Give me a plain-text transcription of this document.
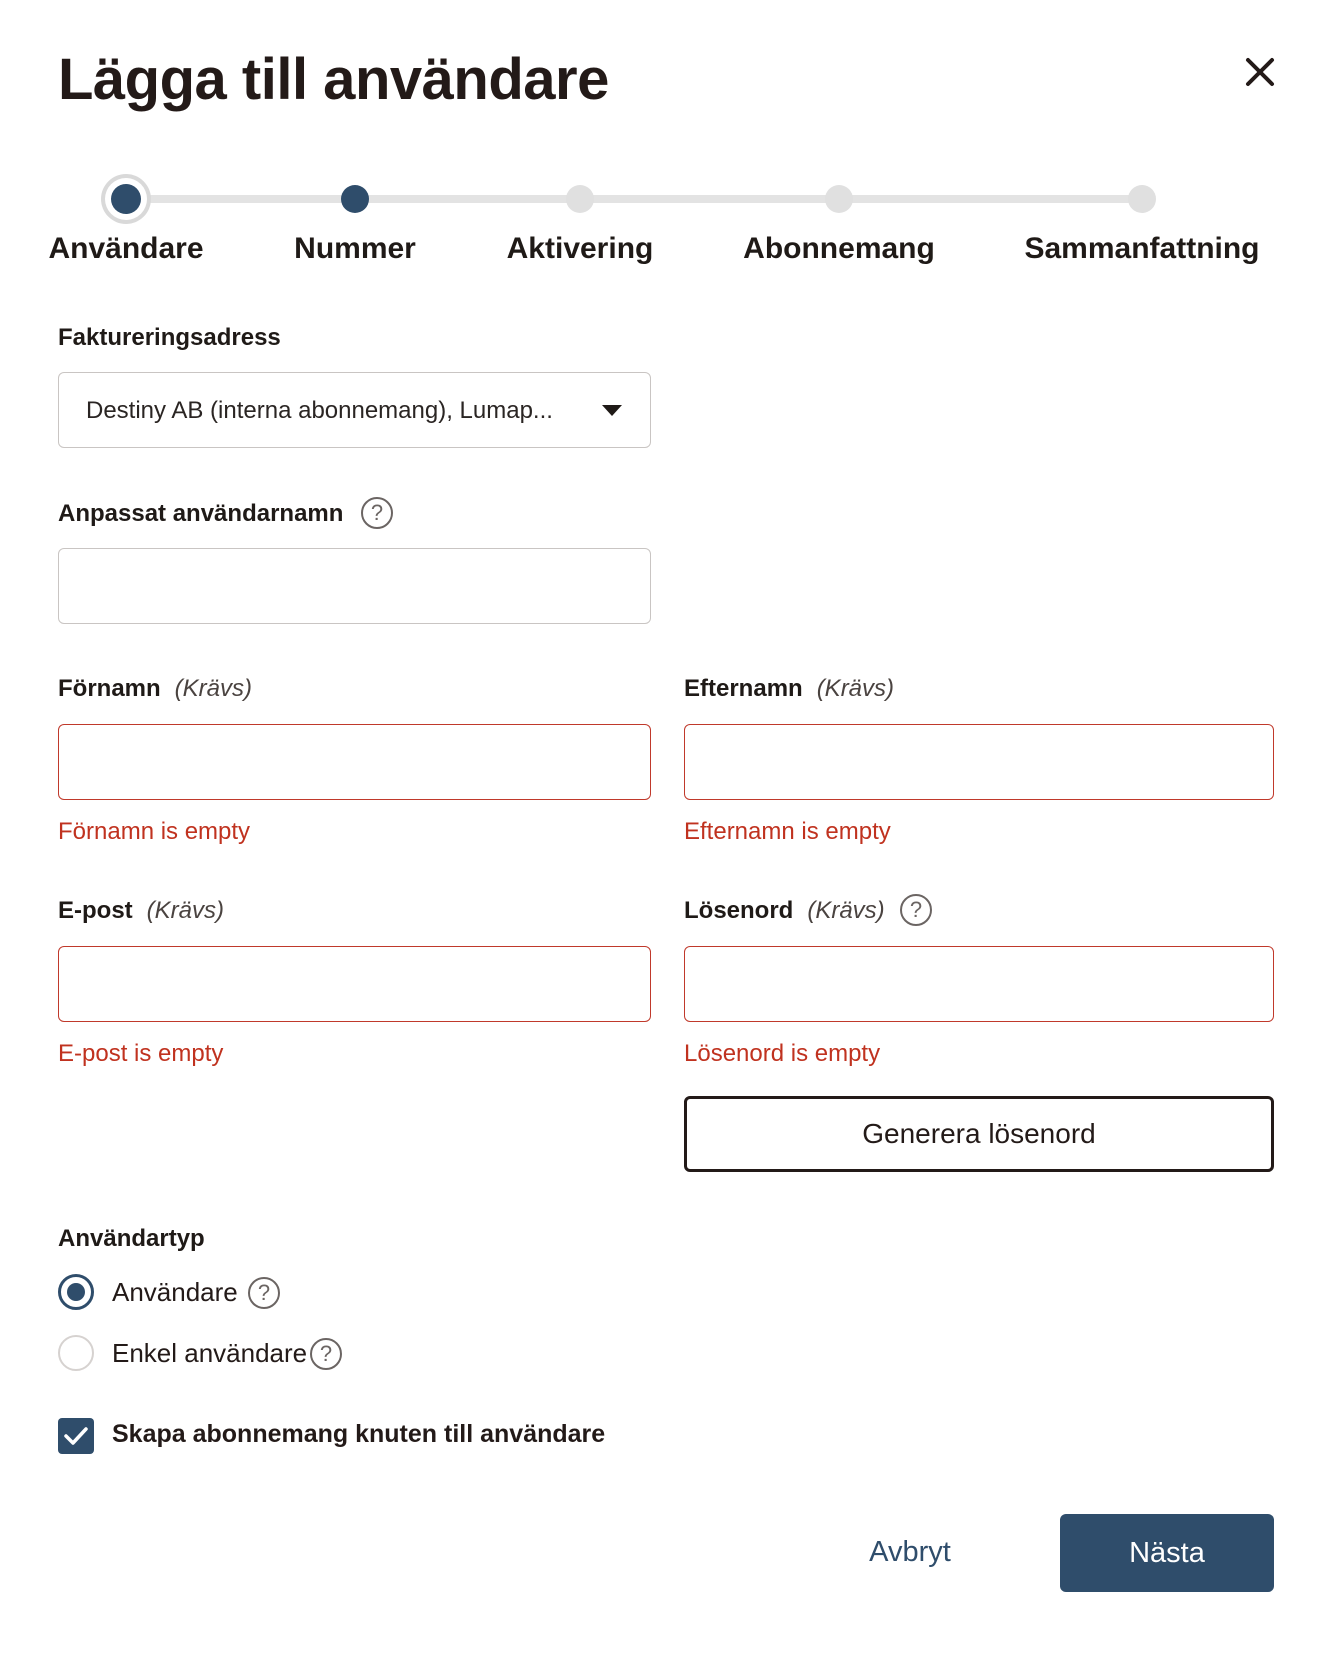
Lägga till användare
Användare	Nummer	Aktivering	Abonnemang	Sammanfattning
Faktureringsadress
Destiny AB (interna abonnemang), Lumap...
Anpassat användarnamn	?
Förnamn (Krävs)
Förnamn is empty
Efternamn (Krävs)
Efternamn is empty
E-post (Krävs)
E-post is empty
Lösenord (Krävs)	?
Lösenord is empty
Generera lösenord
Användartyp
Användare ?
Enkel användare ?
Skapa abonnemang knuten till användare
Avbryt	Nästa
